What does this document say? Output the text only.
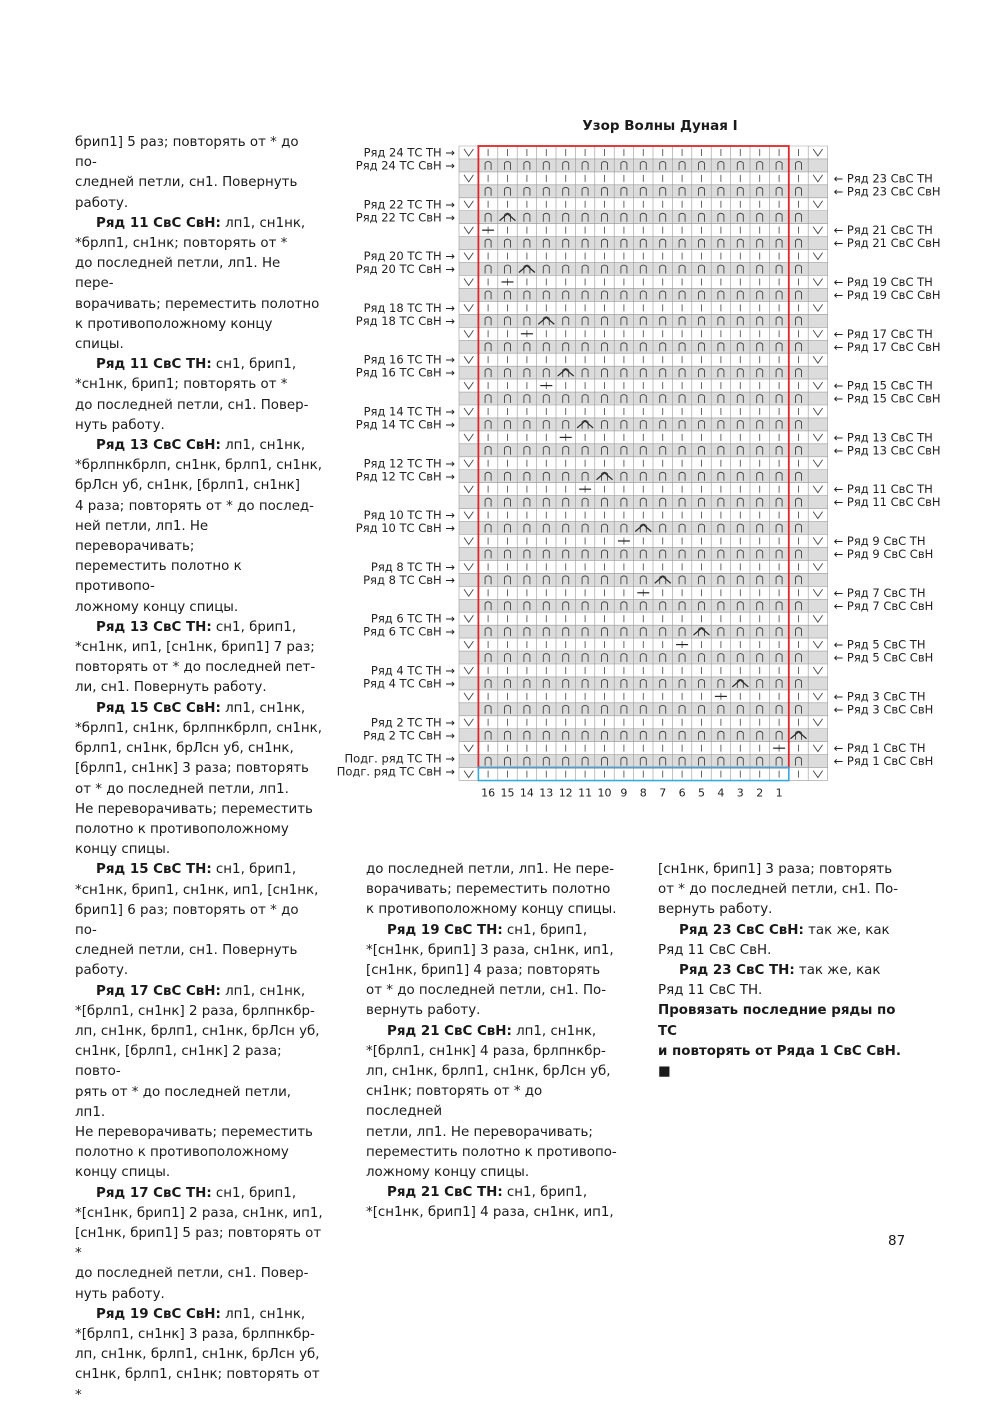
Узор Волны Дуная I
Ряд 24 ТС ТН →
Ряд 24 ТС СвН →
Ряд 22 ТС ТН →
Ряд 22 ТС СвН →
Ряд 20 ТС ТН →
Ряд 20 ТС СвН →
Ряд 18 ТС ТН →
Ряд 18 ТС СвН →
Ряд 16 ТС ТН →
Ряд 16 ТС СвН →
Ряд 14 ТС ТН →
Ряд 14 ТС СвН →
Ряд 12 ТС ТН →
Ряд 12 ТС СвН →
Ряд 10 ТС ТН →
Ряд 10 ТС СвН →
Ряд 8 ТС ТН →
Ряд 8 ТС СвН →
Ряд 6 ТС ТН →
Ряд 6 ТС СвН →
Ряд 4 ТС ТН →
Ряд 4 ТС СвН →
Ряд 2 ТС ТН →
Ряд 2 ТС СвН →
Подг. ряд ТС ТН →
Подг. ряд ТС СвН →
← Ряд 23 СвС ТН
← Ряд 23 СвС СвН
← Ряд 21 СвС ТН
← Ряд 21 СвС СвН
← Ряд 19 СвС ТН
← Ряд 19 СвС СвН
← Ряд 17 СвС ТН
← Ряд 17 СвС СвН
← Ряд 15 СвС ТН
← Ряд 15 СвС СвН
← Ряд 13 СвС ТН
← Ряд 13 СвС СвН
← Ряд 11 СвС ТН
← Ряд 11 СвС СвН
← Ряд 9 СвС ТН
← Ряд 9 СвС СвН
← Ряд 7 СвС ТН
← Ряд 7 СвС СвН
← Ряд 5 СвС ТН
← Ряд 5 СвС СвН
← Ряд 3 СвС ТН
← Ряд 3 СвС СвН
← Ряд 1 СвС ТН
← Ряд 1 СвС СвН
16 15 14 13 12 11 10 9 8 7 6 5 4 3 2 1

брип1] 5 раз; повторять от * до по-

следней петли, сн1. Повернуть

работу.

Ряд 11 СвС СвН: лп1, сн1нк,

*брлп1, сн1нк; повторять от *

до последней петли, лп1. Не пере-

ворачивать; переместить полотно

к противоположному концу спицы.

Ряд 11 СвС ТН: сн1, брип1,

*сн1нк, брип1; повторять от *

до последней петли, сн1. Повер-

нуть работу.

Ряд 13 СвС СвН: лп1, сн1нк,

*брлпнкбрлп, сн1нк, брлп1, сн1нк,

брЛсн уб, сн1нк, [брлп1, сн1нк]

4 раза; повторять от * до послед-

ней петли, лп1. Не переворачивать;

переместить полотно к противопо-

ложному концу спицы.

Ряд 13 СвС ТН: сн1, брип1,

*сн1нк, ип1, [сн1нк, брип1] 7 раз;

повторять от * до последней пет-

ли, сн1. Повернуть работу.

Ряд 15 СвС СвН: лп1, сн1нк,

*брлп1, сн1нк, брлпнкбрлп, сн1нк,

брлп1, сн1нк, брЛсн уб, сн1нк,

[брлп1, сн1нк] 3 раза; повторять

от * до последней петли, лп1.

Не переворачивать; переместить

полотно к противоположному

концу спицы.

Ряд 15 СвС ТН: сн1, брип1,

*сн1нк, брип1, сн1нк, ип1, [сн1нк,

брип1] 6 раз; повторять от * до по-

следней петли, сн1. Повернуть

работу.

Ряд 17 СвС СвН: лп1, сн1нк,

*[брлп1, сн1нк] 2 раза, брлпнкбр-

лп, сн1нк, брлп1, сн1нк, брЛсн уб,

сн1нк, [брлп1, сн1нк] 2 раза; повто-

рять от * до последней петли, лп1.

Не переворачивать; переместить

полотно к противоположному

концу спицы.

Ряд 17 СвС ТН: сн1, брип1,

*[сн1нк, брип1] 2 раза, сн1нк, ип1,

[сн1нк, брип1] 5 раз; повторять от *

до последней петли, сн1. Повер-

нуть работу.

Ряд 19 СвС СвН: лп1, сн1нк,

*[брлп1, сн1нк] 3 раза, брлпнкбр-

лп, сн1нк, брлп1, сн1нк, брЛсн уб,

сн1нк, брлп1, сн1нк; повторять от *

до последней петли, лп1. Не пере-

ворачивать; переместить полотно

к противоположному концу спицы.

Ряд 19 СвС ТН: сн1, брип1,

*[сн1нк, брип1] 3 раза, сн1нк, ип1,

[сн1нк, брип1] 4 раза; повторять

от * до последней петли, сн1. По-

вернуть работу.

Ряд 21 СвС СвН: лп1, сн1нк,

*[брлп1, сн1нк] 4 раза, брлпнкбр-

лп, сн1нк, брлп1, сн1нк, брЛсн уб,

сн1нк; повторять от * до последней

петли, лп1. Не переворачивать;

переместить полотно к противопо-

ложному концу спицы.

Ряд 21 СвС ТН: сн1, брип1,

*[сн1нк, брип1] 4 раза, сн1нк, ип1,

[сн1нк, брип1] 3 раза; повторять

от * до последней петли, сн1. По-

вернуть работу.

Ряд 23 СвС СвН: так же, как

Ряд 11 СвС СвН.

Ряд 23 СвС ТН: так же, как

Ряд 11 СвС ТН.

Провязать последние ряды по ТС

и повторять от Ряда 1 СвС СвН. ■

87
